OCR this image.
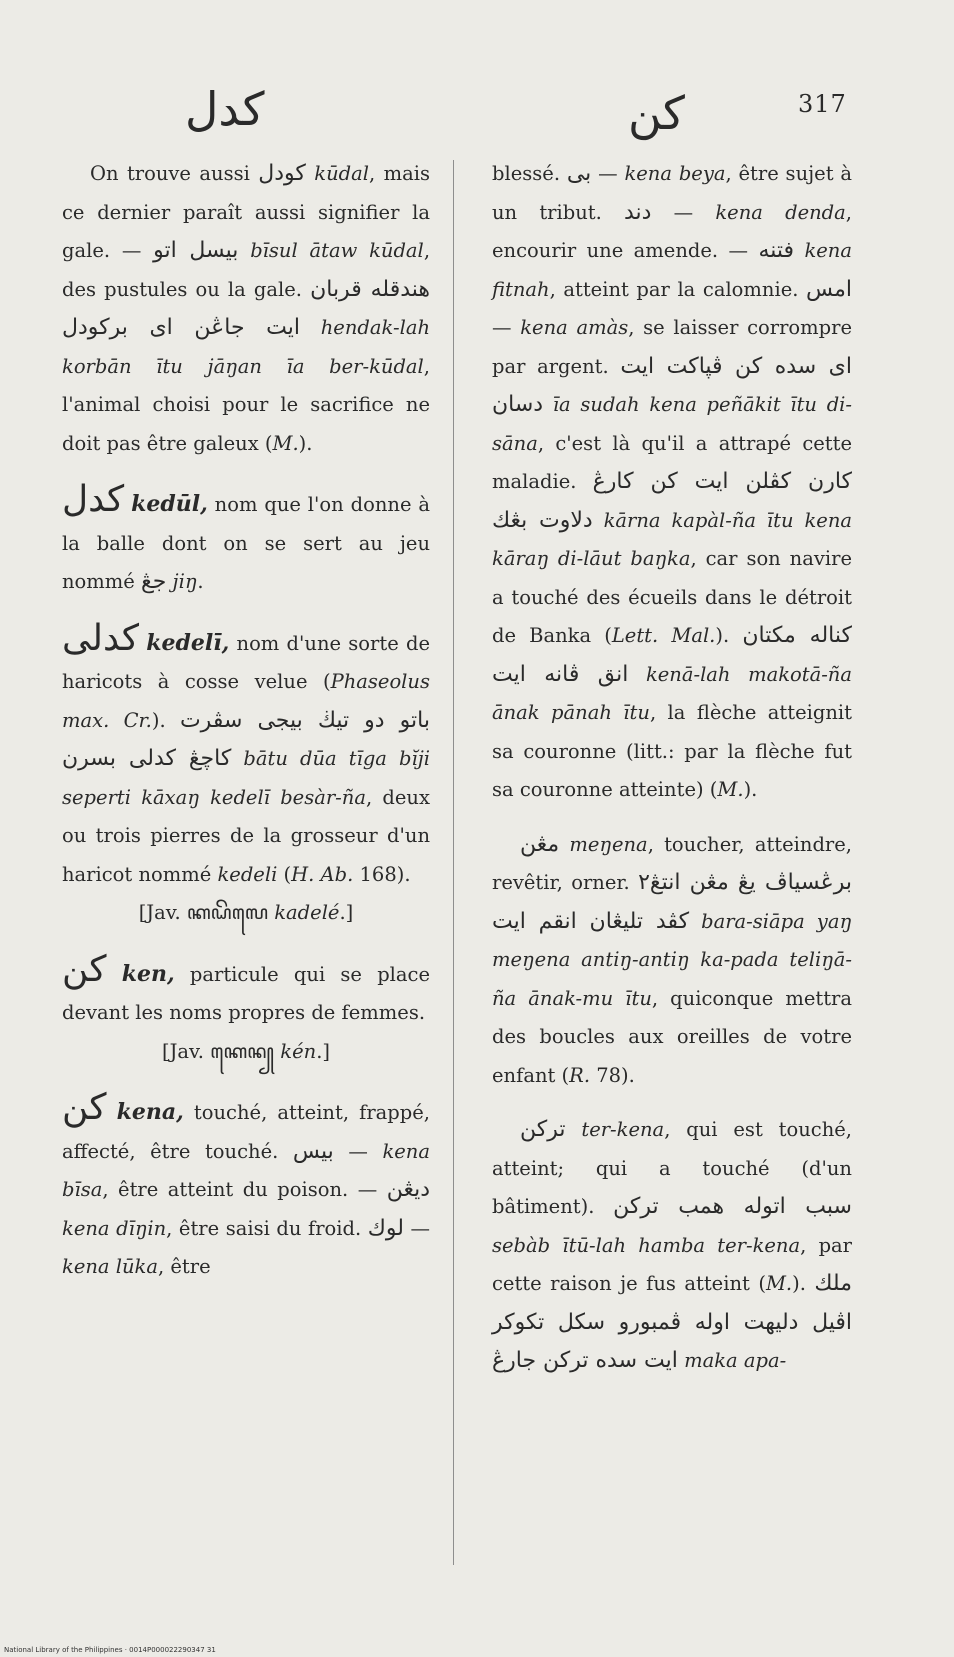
كدل	كن	317

On trouve aussi كودل kūdal, mais ce dernier paraît aussi signifier la gale. — بيسل اتو bīsul ātaw kūdal, des pustules ou la gale. هندقله قربان ايت جاڠن اى بركودل hendak-lah korbān ītu jāŋan īa ber-kūdal, l'animal choisi pour le sacrifice ne doit pas être galeux (M.).

كدل kedūl, nom que l'on donne à la balle dont on se sert au jeu nommé جڠ jiŋ.

كدلى kedelī, nom d'une sorte de haricots à cosse velue (Phaseolus max. Cr.). باتو دو تيڬ بيجى سڤرت كاچڠ كدلى بسرن bātu dūa tīga bĭji seperti kāxaŋ kedelī besàr-ña, deux ou trois pierres de la grosseur d'un haricot nommé kedeli (H. Ab. 168).

[Jav. ꦏꦝꦼꦭꦺ kadelé.]

كن ken, particule qui se place devant les noms propres de femmes.

[Jav. ꦏꦺꦤ꧀ kén.]

كن kena, touché, atteint, frappé, affecté, être touché. بيس — kena bīsa, être atteint du poison. — ديڠن kena dīŋin, être saisi du froid. لوك — kena lūka, être

blessé. بى — kena beya, être sujet à un tribut. دند — kena denda, encourir une amende. — فتنه kena fitnah, atteint par la calomnie. امس — kena amàs, se laisser corrompre par argent. اى سده كن ڤپاكت ايت دسان īa sudah kena peñākit ītu di-sāna, c'est là qu'il a attrapé cette maladie. كارن كڤلن ايت كن كارڠ دلاوت بڠك kārna kapàl-ña ītu kena kāraŋ di-lāut baŋka, car son navire a touché des écueils dans le détroit de Banka (Lett. Mal.). كناله مكتان انق ڤانه ايت kenā-lah makotā-ña ānak pānah ītu, la flèche atteignit sa couronne (litt.: par la flèche fut sa couronne atteinte) (M.).

مڠن meŋena, toucher, atteindre, revêtir, orner. برڠسياڤ يڠ مڠن انتڠ٢ كڤد تليڠان انقم ايت bara-siāpa yaŋ meŋena antiŋ-antiŋ ka-pada teliŋā-ña ānak-mu ītu, quiconque mettra des boucles aux oreilles de votre enfant (R. 78).

تركن ter-kena, qui est touché, atteint; qui a touché (d'un bâtiment). سبب اتوله همب تركن sebàb ītū-lah hamba ter-kena, par cette raison je fus atteint (M.). ملك اڤيل دليهت اوله ڤمبورو سكل تكوكر ايت سده تركن جارڠ maka apa-

National Library of the Philippines · 0014P000022290347 31
